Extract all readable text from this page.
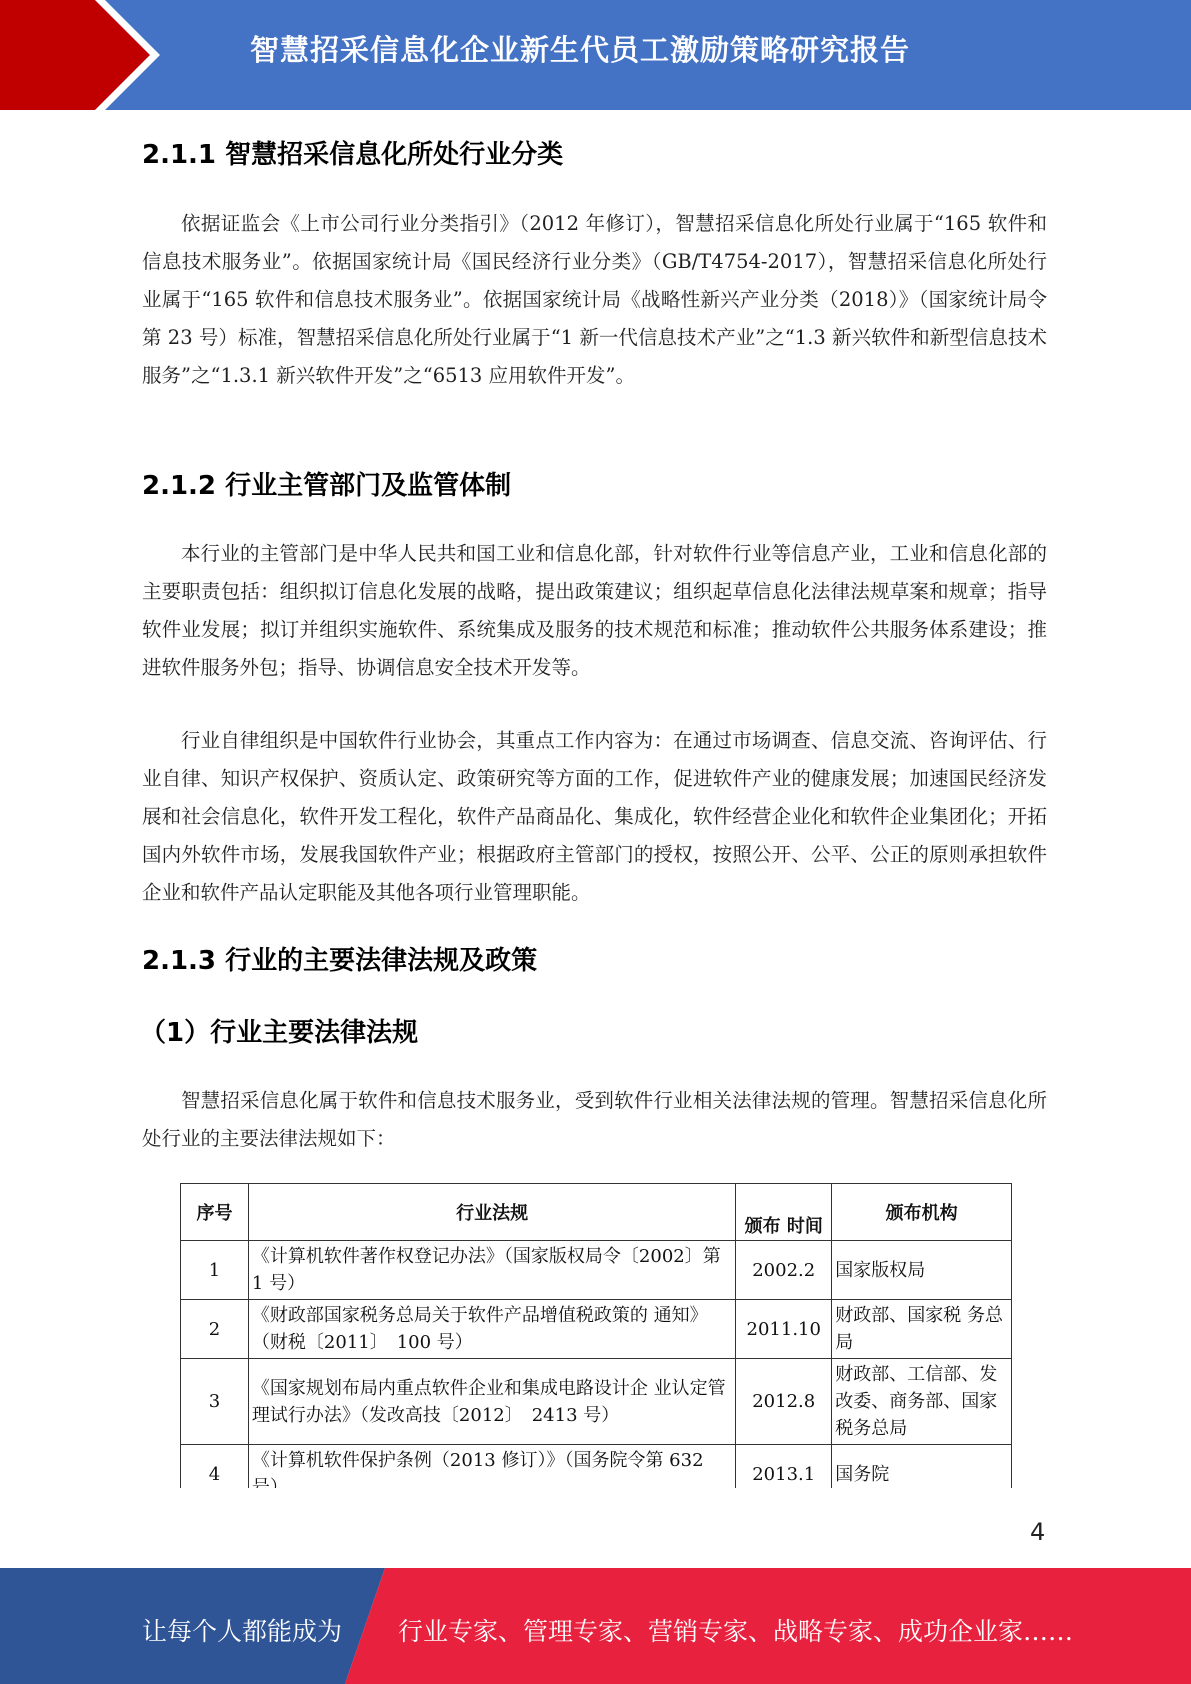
智慧招采信息化企业新生代员工激励策略研究报告
2.1.1 智慧招采信息化所处行业分类

依据证监会《上市公司行业分类指引》（2012 年修订），智慧招采信息化所处行业属于“165 软件和信息技术服务业”。依据国家统计局《国民经济行业分类》（GB/T4754-2017），智慧招采信息化所处行业属于“165 软件和信息技术服务业”。依据国家统计局《战略性新兴产业分类（2018）》（国家统计局令第 23 号）标准，智慧招采信息化所处行业属于“1 新一代信息技术产业”之“1.3 新兴软件和新型信息技术服务”之“1.3.1 新兴软件开发”之“6513 应用软件开发”。

2.1.2 行业主管部门及监管体制

本行业的主管部门是中华人民共和国工业和信息化部，针对软件行业等信息产业，工业和信息化部的主要职责包括：组织拟订信息化发展的战略，提出政策建议；组织起草信息化法律法规草案和规章；指导软件业发展；拟订并组织实施软件、系统集成及服务的技术规范和标准；推动软件公共服务体系建设；推进软件服务外包；指导、协调信息安全技术开发等。

行业自律组织是中国软件行业协会，其重点工作内容为：在通过市场调查、信息交流、咨询评估、行业自律、知识产权保护、资质认定、政策研究等方面的工作，促进软件产业的健康发展；加速国民经济发展和社会信息化，软件开发工程化，软件产品商品化、集成化，软件经营企业化和软件企业集团化；开拓国内外软件市场，发展我国软件产业；根据政府主管部门的授权，按照公开、公平、公正的原则承担软件企业和软件产品认定职能及其他各项行业管理职能。

2.1.3 行业的主要法律法规及政策
（1）行业主要法律法规

智慧招采信息化属于软件和信息技术服务业，受到软件行业相关法律法规的管理。智慧招采信息化所处行业的主要法律法规如下：

序号	行业法规	颁布 时间	颁布机构
1	《计算机软件著作权登记办法》（国家版权局令〔2002〕第 1 号）	2002.2	国家版权局
2	《财政部国家税务总局关于软件产品增值税政策的 通知》（财税〔2011〕　100 号）	2011.10	财政部、国家税 务总局
3	《国家规划布局内重点软件企业和集成电路设计企 业认定管理试行办法》（发改高技〔2012〕　2413 号）	2012.8	财政部、工信部、发改委、商务部、国家税务总局
4	《计算机软件保护条例（2013 修订）》（国务院令第 632	2013.1	国务院
4
让每个人都能成为 行业专家、管理专家、营销专家、战略专家、成功企业家……
